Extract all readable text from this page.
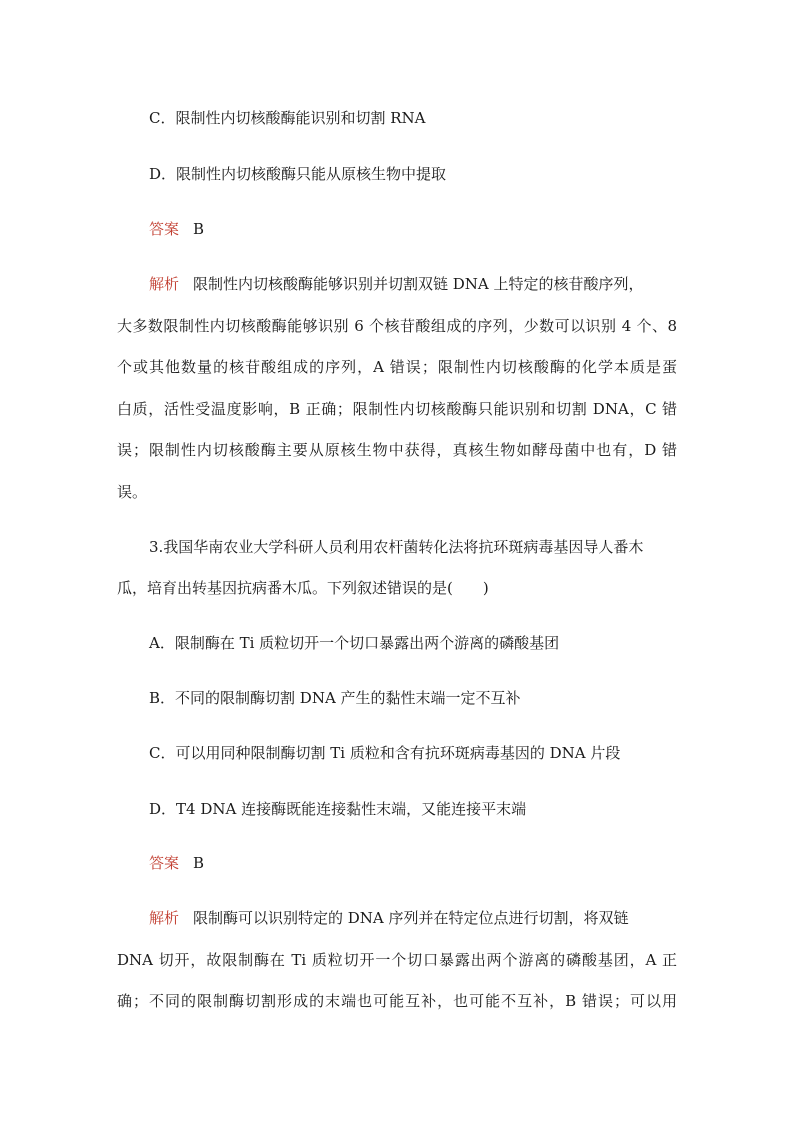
C．限制性内切核酸酶能识别和切割 RNA
D．限制性内切核酸酶只能从原核生物中提取
答案 B
解析 限制性内切核酸酶能够识别并切割双链 DNA 上特定的核苷酸序列，
大多数限制性内切核酸酶能够识别 6 个核苷酸组成的序列，少数可以识别 4 个、8
个或其他数量的核苷酸组成的序列，A 错误；限制性内切核酸酶的化学本质是蛋
白质，活性受温度影响，B 正确；限制性内切核酸酶只能识别和切割 DNA，C 错
误；限制性内切核酸酶主要从原核生物中获得，真核生物如酵母菌中也有，D 错
误。
3.我国华南农业大学科研人员利用农杆菌转化法将抗环斑病毒基因导人番木
瓜，培育出转基因抗病番木瓜。下列叙述错误的是(　　)
A．限制酶在 Ti 质粒切开一个切口暴露出两个游离的磷酸基团
B．不同的限制酶切割 DNA 产生的黏性末端一定不互补
C．可以用同种限制酶切割 Ti 质粒和含有抗环斑病毒基因的 DNA 片段
D．T4 DNA 连接酶既能连接黏性末端，又能连接平末端
答案 B
解析 限制酶可以识别特定的 DNA 序列并在特定位点进行切割，将双链
DNA 切开，故限制酶在 Ti 质粒切开一个切口暴露出两个游离的磷酸基团，A 正
确；不同的限制酶切割形成的末端也可能互补，也可能不互补，B 错误；可以用
